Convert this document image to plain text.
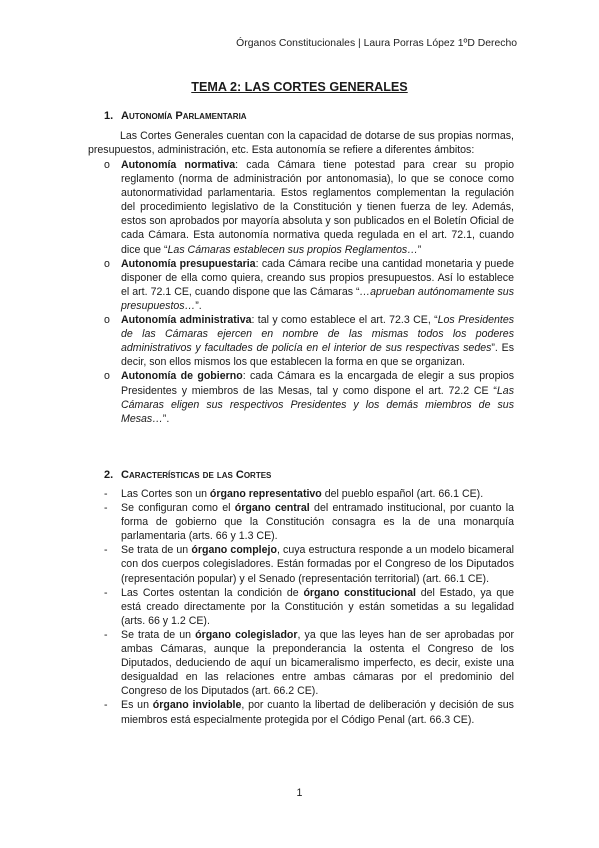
Órganos Constitucionales | Laura Porras López 1ºD Derecho
TEMA 2: LAS CORTES GENERALES
1. Autonomía Parlamentaria
Las Cortes Generales cuentan con la capacidad de dotarse de sus propias normas, presupuestos, administración, etc. Esta autonomía se refiere a diferentes ámbitos:
o Autonomía normativa: cada Cámara tiene potestad para crear su propio reglamento (norma de administración por antonomasia), lo que se conoce como autonormatividad parlamentaria. Estos reglamentos complementan la regulación del procedimiento legislativo de la Constitución y tienen fuerza de ley. Además, estos son aprobados por mayoría absoluta y son publicados en el Boletín Oficial de cada Cámara. Esta autonomía normativa queda regulada en el art. 72.1, cuando dice que “Las Cámaras establecen sus propios Reglamentos…”
o Autonomía presupuestaria: cada Cámara recibe una cantidad monetaria y puede disponer de ella como quiera, creando sus propios presupuestos. Así lo establece el art. 72.1 CE, cuando dispone que las Cámaras “…aprueban autónomamente sus presupuestos…”.
o Autonomía administrativa: tal y como establece el art. 72.3 CE, “Los Presidentes de las Cámaras ejercen en nombre de las mismas todos los poderes administrativos y facultades de policía en el interior de sus respectivas sedes”. Es decir, son ellos mismos los que establecen la forma en que se organizan.
o Autonomía de gobierno: cada Cámara es la encargada de elegir a sus propios Presidentes y miembros de las Mesas, tal y como dispone el art. 72.2 CE “Las Cámaras eligen sus respectivos Presidentes y los demás miembros de sus Mesas…”.
2. Características de las Cortes
- Las Cortes son un órgano representativo del pueblo español (art. 66.1 CE).
- Se configuran como el órgano central del entramado institucional, por cuanto la forma de gobierno que la Constitución consagra es la de una monarquía parlamentaria (arts. 66 y 1.3 CE).
- Se trata de un órgano complejo, cuya estructura responde a un modelo bicameral con dos cuerpos colegisladores. Están formadas por el Congreso de los Diputados (representación popular) y el Senado (representación territorial) (art. 66.1 CE).
- Las Cortes ostentan la condición de órgano constitucional del Estado, ya que está creado directamente por la Constitución y están sometidas a su legalidad (arts. 66 y 1.2 CE).
- Se trata de un órgano colegislador, ya que las leyes han de ser aprobadas por ambas Cámaras, aunque la preponderancia la ostenta el Congreso de los Diputados, deduciendo de aquí un bicameralismo imperfecto, es decir, existe una desigualdad en las relaciones entre ambas cámaras por el predominio del Congreso de los Diputados (art. 66.2 CE).
- Es un órgano inviolable, por cuanto la libertad de deliberación y decisión de sus miembros está especialmente protegida por el Código Penal (art. 66.3 CE).
1
